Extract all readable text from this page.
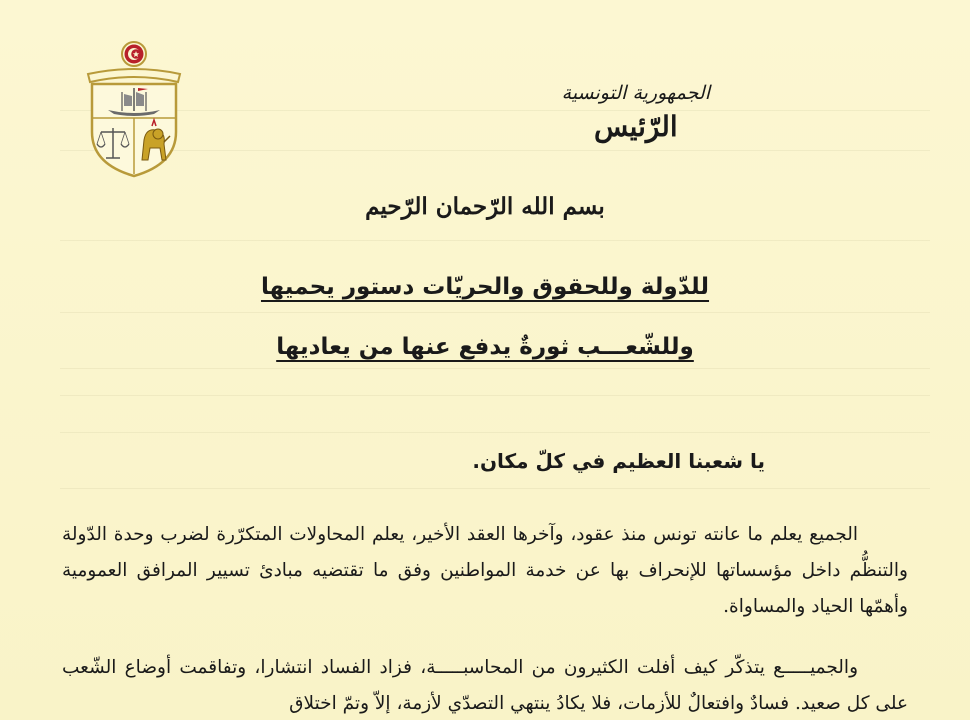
الجمهورية التونسية
الرّئيس
بسم الله الرّحمان الرّحيم
للدّولة وللحقوق والحريّات دستور يحميها
وللشّعـــب ثورةٌ يدفع عنها من يعاديها
يا شعبنا العظيم في كلّ مكان.
الجميع يعلم ما عانته تونس منذ عقود، وآخرها العقد الأخير، يعلم المحاولات المتكرّرة لضرب وحدة الدّولة والتنظُّم داخل مؤسساتها للإنحراف بها عن خدمة المواطنين وفق ما تقتضيه مبادئ تسيير المرافق العمومية وأهمّها الحياد والمساواة.
والجميـــــع يتذكّر كيف أفلت الكثيرون من المحاسبـــــة، فزاد الفساد انتشارا، وتفاقمت أوضاع الشّعب على كل صعيد. فسادٌ وافتعالٌ للأزمات، فلا يكادُ ينتهي التصدّي لأزمة، إلاّ وتمّ اختلاق
